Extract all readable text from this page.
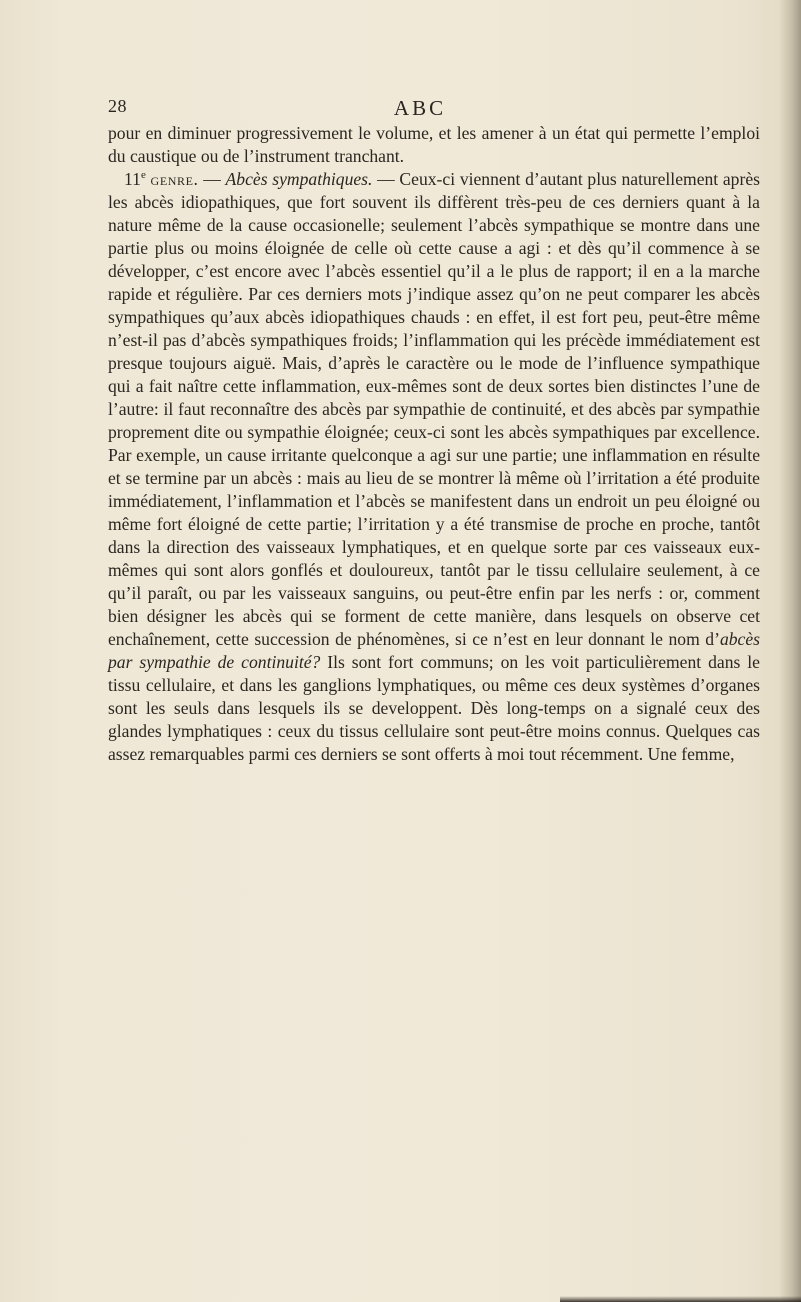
28	ABC

pour en diminuer progressivement le volume, et les amener à un état qui permette l’emploi du caustique ou de l’instrument tranchant.

11e genre. — Abcès sympathiques. — Ceux-ci viennent d’autant plus naturellement après les abcès idiopathiques, que fort souvent ils diffèrent très-peu de ces derniers quant à la nature même de la cause occasionelle; seulement l’abcès sympathique se montre dans une partie plus ou moins éloignée de celle où cette cause a agi : et dès qu’il commence à se développer, c’est encore avec l’abcès essentiel qu’il a le plus de rapport; il en a la marche rapide et régulière. Par ces derniers mots j’indique assez qu’on ne peut comparer les abcès sympathiques qu’aux abcès idiopathiques chauds : en effet, il est fort peu, peut-être même n’est-il pas d’abcès sympathiques froids; l’inflammation qui les précède immédiatement est presque toujours aiguë. Mais, d’après le caractère ou le mode de l’influence sympathique qui a fait naître cette inflammation, eux-mêmes sont de deux sortes bien distinctes l’une de l’autre: il faut reconnaître des abcès par sympathie de continuité, et des abcès par sympathie proprement dite ou sympathie éloignée; ceux-ci sont les abcès sympathiques par excellence. Par exemple, un cause irritante quelconque a agi sur une partie; une inflammation en résulte et se termine par un abcès : mais au lieu de se montrer là même où l’irritation a été produite immédiatement, l’inflammation et l’abcès se manifestent dans un endroit un peu éloigné ou même fort éloigné de cette partie; l’irritation y a été transmise de proche en proche, tantôt dans la direction des vaisseaux lymphatiques, et en quelque sorte par ces vaisseaux eux-mêmes qui sont alors gonflés et douloureux, tantôt par le tissu cellulaire seulement, à ce qu’il paraît, ou par les vaisseaux sanguins, ou peut-être enfin par les nerfs : or, comment bien désigner les abcès qui se forment de cette manière, dans lesquels on observe cet enchaînement, cette succession de phénomènes, si ce n’est en leur donnant le nom d’abcès par sympathie de continuité? Ils sont fort communs; on les voit particulièrement dans le tissu cellulaire, et dans les ganglions lymphatiques, ou même ces deux systèmes d’organes sont les seuls dans lesquels ils se developpent. Dès long-temps on a signalé ceux des glandes lymphatiques : ceux du tissus cellulaire sont peut-être moins connus. Quelques cas assez remarquables parmi ces derniers se sont offerts à moi tout récemment. Une femme,
